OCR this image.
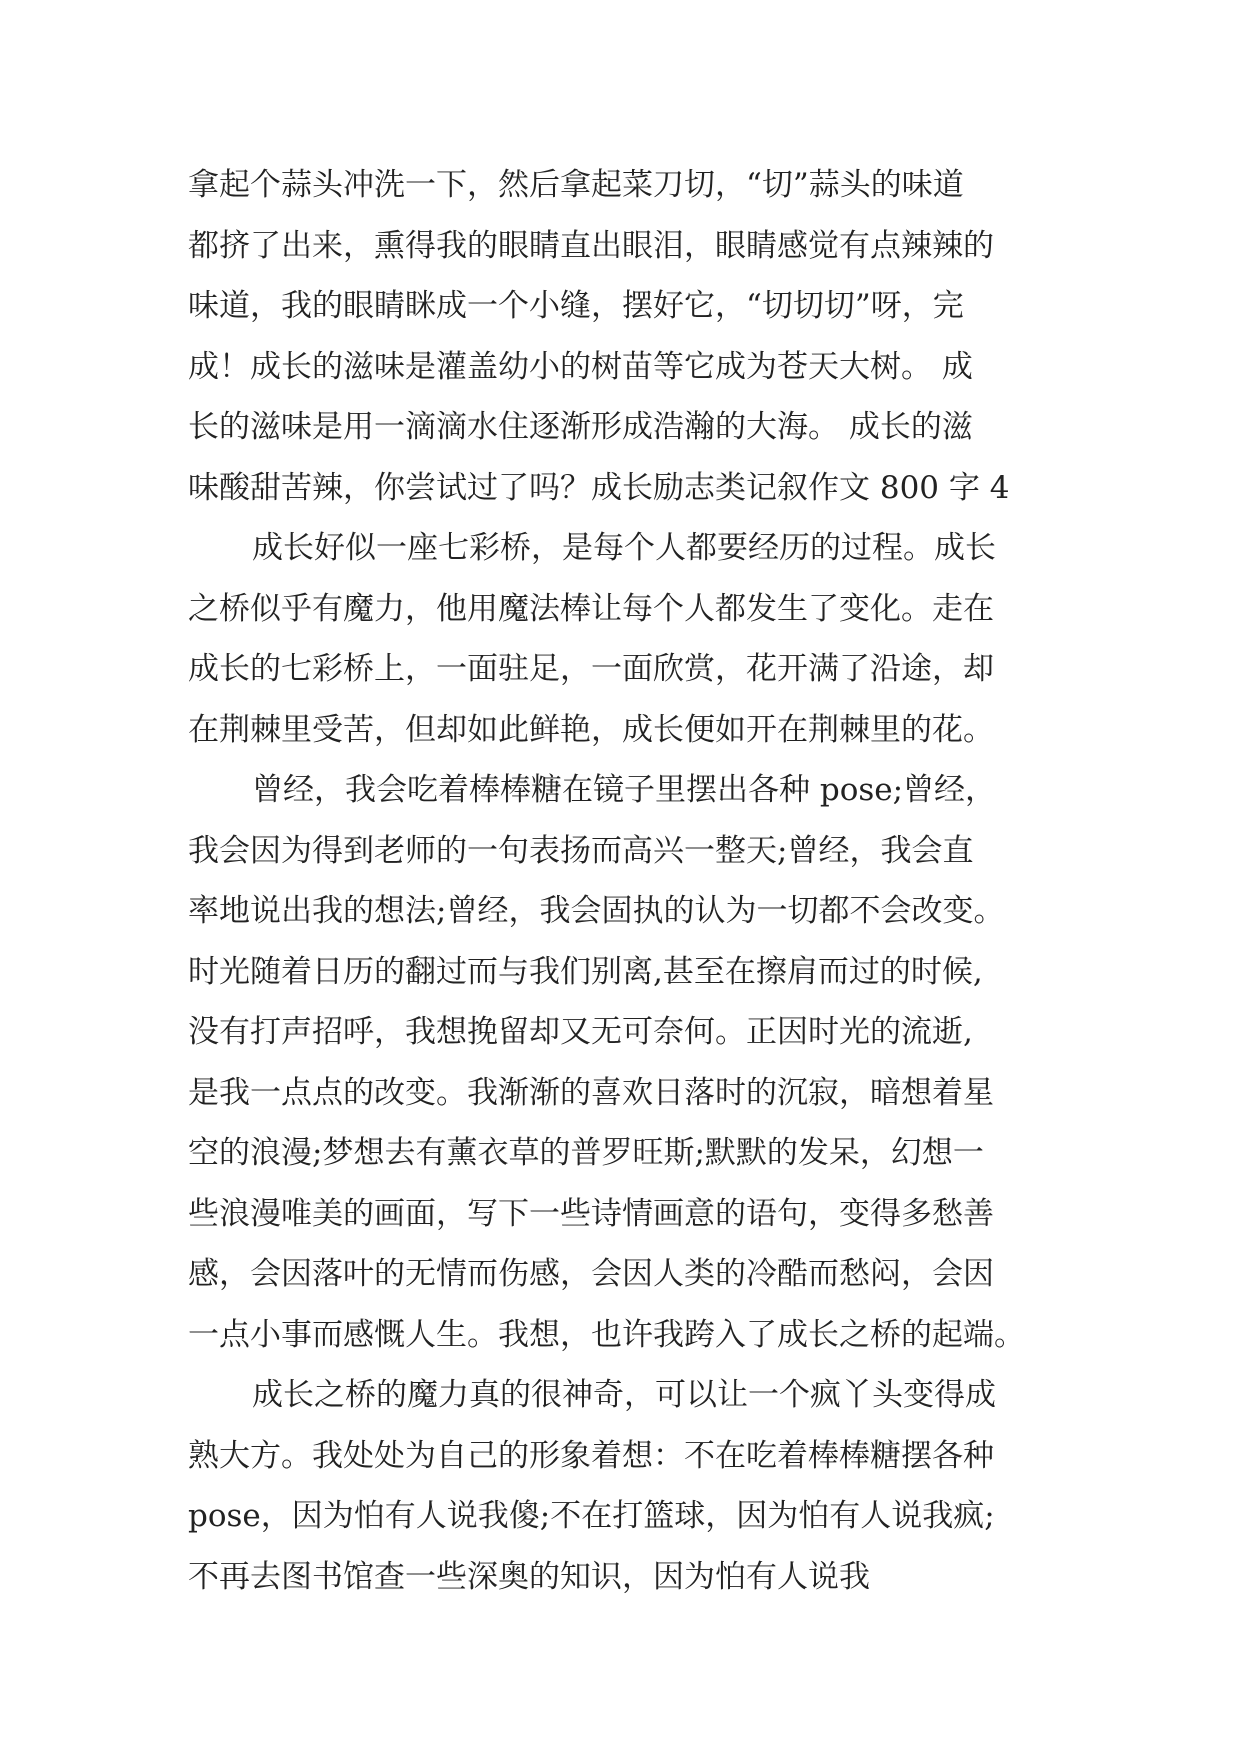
拿起个蒜头冲洗一下，然后拿起菜刀切，“切”蒜头的味道
都挤了出来，熏得我的眼睛直出眼泪，眼睛感觉有点辣辣的
味道，我的眼睛眯成一个小缝，摆好它，“切切切”呀，完
成！成长的滋味是灌盖幼小的树苗等它成为苍天大树。 成
长的滋味是用一滴滴水住逐渐形成浩瀚的大海。 成长的滋
味酸甜苦辣，你尝试过了吗？成长励志类记叙作文 800 字 4
成长好似一座七彩桥，是每个人都要经历的过程。成长
之桥似乎有魔力，他用魔法棒让每个人都发生了变化。走在
成长的七彩桥上，一面驻足，一面欣赏，花开满了沿途，却
在荆棘里受苦，但却如此鲜艳，成长便如开在荆棘里的花。
曾经，我会吃着棒棒糖在镜子里摆出各种 pose;曾经，
我会因为得到老师的一句表扬而高兴一整天;曾经，我会直
率地说出我的想法;曾经，我会固执的认为一切都不会改变。
时光随着日历的翻过而与我们别离,甚至在擦肩而过的时候,
没有打声招呼，我想挽留却又无可奈何。正因时光的流逝,
是我一点点的改变。我渐渐的喜欢日落时的沉寂，暗想着星
空的浪漫;梦想去有薰衣草的普罗旺斯;默默的发呆，幻想一
些浪漫唯美的画面，写下一些诗情画意的语句，变得多愁善
感，会因落叶的无情而伤感，会因人类的冷酷而愁闷，会因
一点小事而感慨人生。我想，也许我跨入了成长之桥的起端。
成长之桥的魔力真的很神奇，可以让一个疯丫头变得成
熟大方。我处处为自己的形象着想：不在吃着棒棒糖摆各种
pose，因为怕有人说我傻;不在打篮球，因为怕有人说我疯;
不再去图书馆查一些深奥的知识，因为怕有人说我
